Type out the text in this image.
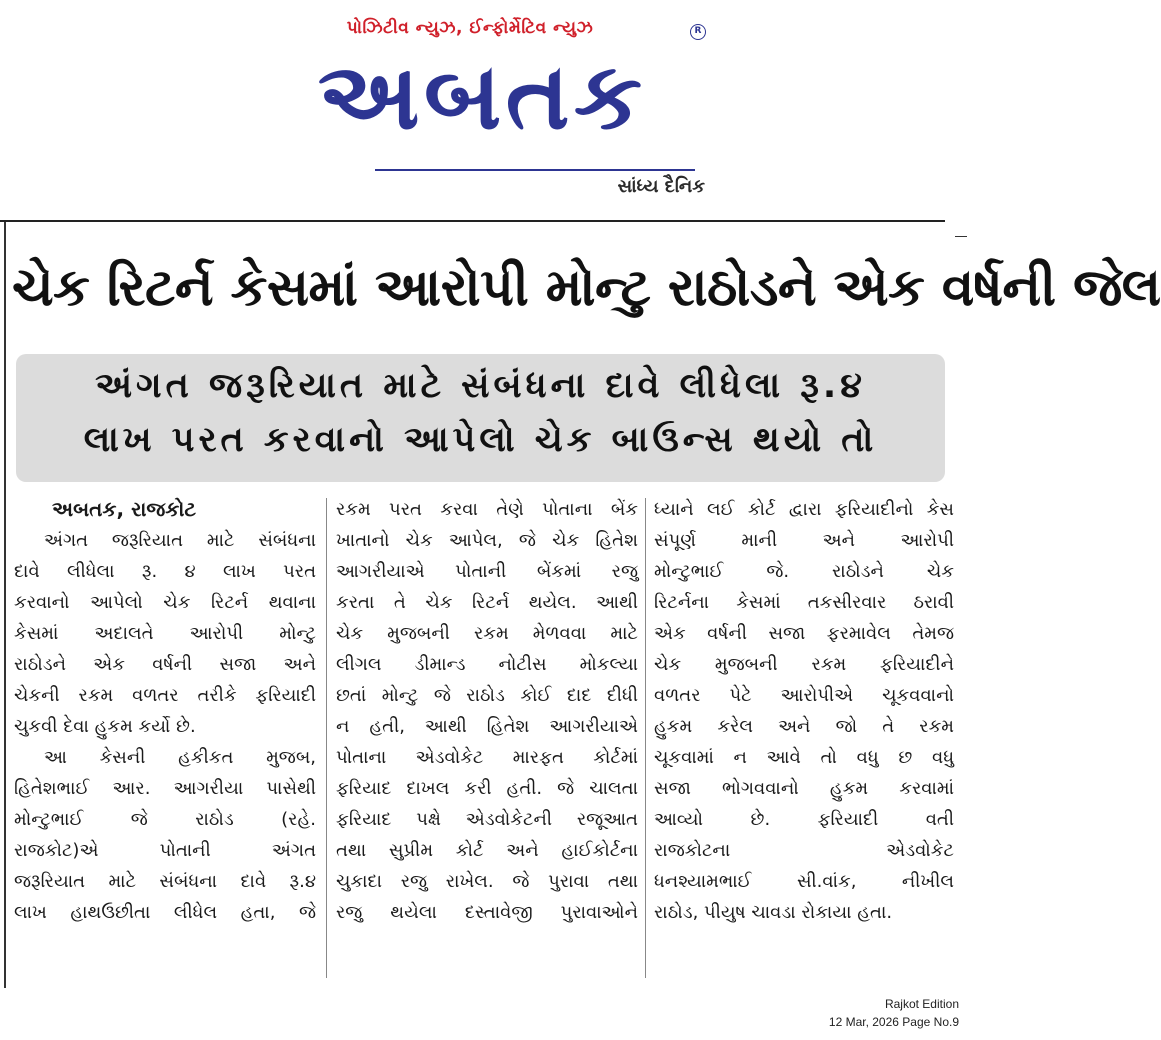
પોઝિટીવ ન્યુઝ, ઈન્ફોર્મેટિવ ન્યુઝ
અબતક
R
સાંધ્ય દૈનિક
ચેક રિટર્ન કેસમાં આરોપી મોન્ટુ રાઠોડને એક વર્ષની જેલ
અંગત જરૂરિયાત માટે સંબંધના દાવે લીધેલા રૂ.૪
લાખ પરત કરવાનો આપેલો ચેક બાઉન્સ થયો તો
અબતક, રાજકોટ
અંગત જરૂરિયાત માટે સંબંધના
દાવે લીધેલા રૂ. ૪ લાખ પરત
કરવાનો આપેલો ચેક રિટર્ન થવાના
કેસમાં અદાલતે આરોપી મોન્ટુ
રાઠોડને એક વર્ષની સજા અને
ચેકની રકમ વળતર તરીકે ફરિયાદી
ચુકવી દેવા હુકમ કર્યો છે.
આ કેસની હકીકત મુજબ,
હિતેશભાઈ આર. આગરીયા પાસેથી
મોન્ટુભાઈ જે રાઠોડ (રહે.
રાજકોટ)એ પોતાની અંગત
જરૂરિયાત માટે સંબંધના દાવે રૂ.૪
લાખ હાથઉછીતા લીધેલ હતા, જે
રકમ પરત કરવા તેણે પોતાના બેંક
ખાતાનો ચેક આપેલ, જે ચેક હિતેશ
આગરીયાએ પોતાની બેંકમાં રજુ
કરતા તે ચેક રિટર્ન થયેલ. આથી
ચેક મુજબની રકમ મેળવવા માટે
લીગલ ડીમાન્ડ નોટીસ મોકલ્યા
છતાં મોન્ટુ જે રાઠોડ કોઈ દાદ દીધી
ન હતી, આથી હિતેશ આગરીયાએ
પોતાના એડવોકેટ મારફત કોર્ટમાં
ફરિયાદ દાખલ કરી હતી. જે ચાલતા
ફરિયાદ પક્ષે એડવોકેટની રજૂઆત
તથા સુપ્રીમ કોર્ટ અને હાઈકોર્ટના
ચુકાદા રજુ રાખેલ. જે પુરાવા તથા
રજુ થયેલા દસ્તાવેજી પુરાવાઓને
ધ્યાને લઈ કોર્ટ દ્વારા ફરિયાદીનો કેસ
સંપૂર્ણ માની અને આરોપી
મોન્ટુભાઈ જે. રાઠોડને ચેક
રિટર્નના કેસમાં તકસીરવાર ઠરાવી
એક વર્ષની સજા ફરમાવેલ તેમજ
ચેક મુજબની રકમ ફરિયાદીને
વળતર પેટે આરોપીએ ચૂકવવાનો
હુકમ કરેલ અને જો તે રકમ
ચૂકવામાં ન આવે તો વધુ છ વધુ
સજા ભોગવવાનો હુકમ કરવામાં
આવ્યો છે. ફરિયાદી વતી
રાજકોટના એડવોકેટ
ધનશ્યામભાઈ સી.વાંક, નીખીલ
રાઠોડ, પીયુષ ચાવડા રોકાયા હતા.
Rajkot Edition
12 Mar, 2026 Page No.9
